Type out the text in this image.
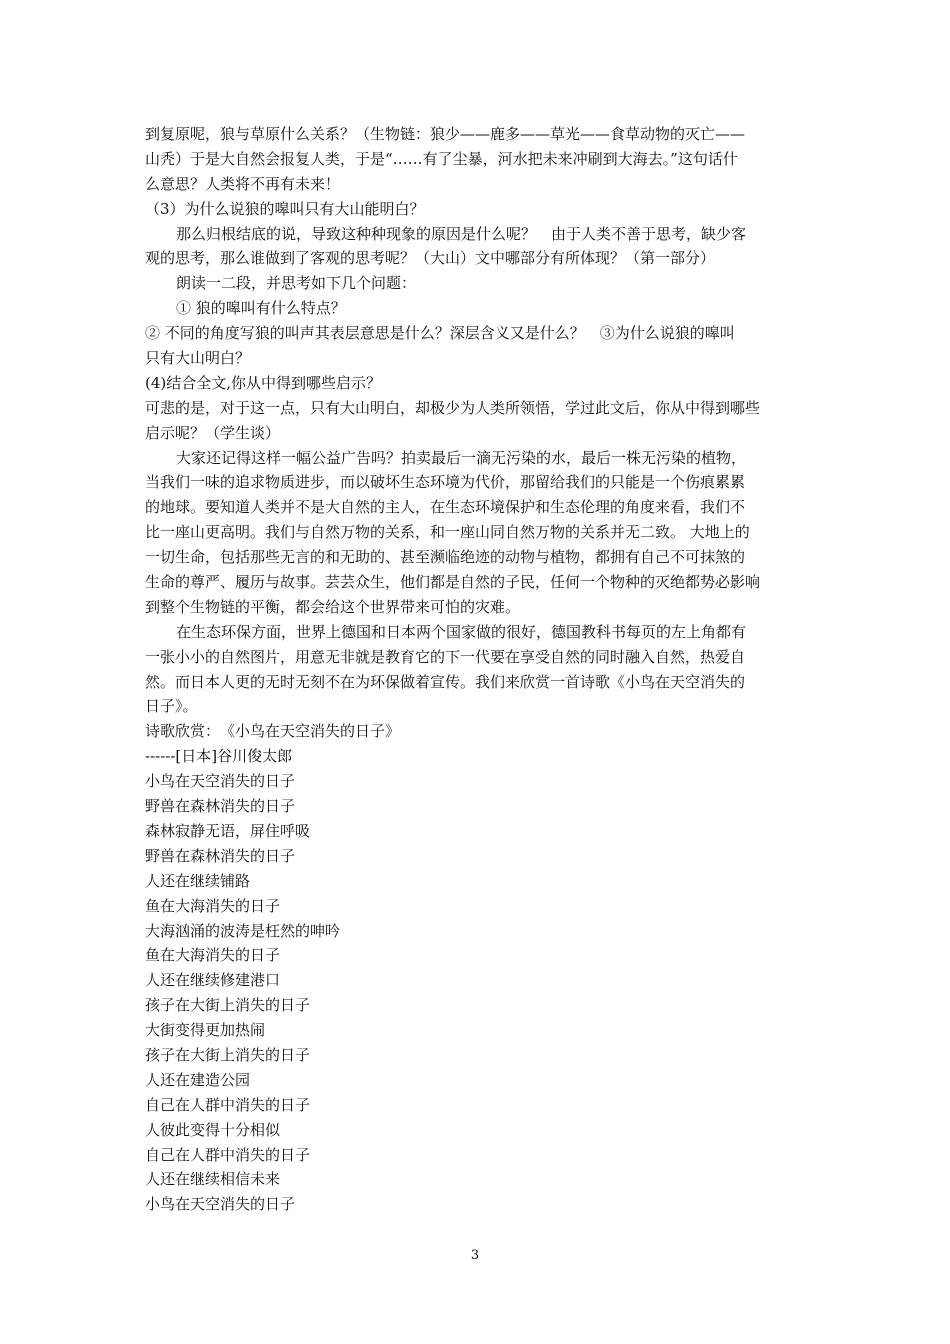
到复原呢，狼与草原什么关系？（生物链：狼少——鹿多——草光——食草动物的灭亡——
山秃）于是大自然会报复人类，于是“……有了尘暴，河水把未来冲刷到大海去。”这句话什
么意思？人类将不再有未来！
（3）为什么说狼的嗥叫只有大山能明白？
那么归根结底的说，导致这种种现象的原因是什么呢？　由于人类不善于思考，缺少客
观的思考，那么谁做到了客观的思考呢？（大山）文中哪部分有所体现？（第一部分）
朗读一二段，并思考如下几个问题：
① 狼的嗥叫有什么特点？
② 不同的角度写狼的叫声其表层意思是什么？深层含义又是什么？　③为什么说狼的嗥叫
只有大山明白？
(4)结合全文,你从中得到哪些启示？
可悲的是，对于这一点，只有大山明白，却极少为人类所领悟，学过此文后，你从中得到哪些
启示呢？（学生谈）
大家还记得这样一幅公益广告吗？拍卖最后一滴无污染的水，最后一株无污染的植物，
当我们一味的追求物质进步，而以破坏生态环境为代价，那留给我们的只能是一个伤痕累累
的地球。要知道人类并不是大自然的主人，在生态环境保护和生态伦理的角度来看，我们不
比一座山更高明。我们与自然万物的关系，和一座山同自然万物的关系并无二致。 大地上的
一切生命，包括那些无言的和无助的、甚至濒临绝迹的动物与植物，都拥有自己不可抹煞的
生命的尊严、履历与故事。芸芸众生，他们都是自然的子民，任何一个物种的灭绝都势必影响
到整个生物链的平衡，都会给这个世界带来可怕的灾难。
在生态环保方面，世界上德国和日本两个国家做的很好，德国教科书每页的左上角都有
一张小小的自然图片，用意无非就是教育它的下一代要在享受自然的同时融入自然，热爱自
然。而日本人更的无时无刻不在为环保做着宣传。我们来欣赏一首诗歌《小鸟在天空消失的
日子》。
诗歌欣赏：　《小鸟在天空消失的日子》
------[日本]谷川俊太郎
小鸟在天空消失的日子
野兽在森林消失的日子
森林寂静无语，屏住呼吸
野兽在森林消失的日子
人还在继续铺路
鱼在大海消失的日子
大海汹涌的波涛是枉然的呻吟
鱼在大海消失的日子
人还在继续修建港口
孩子在大街上消失的日子
大街变得更加热闹
孩子在大街上消失的日子
人还在建造公园
自己在人群中消失的日子
人彼此变得十分相似
自己在人群中消失的日子
人还在继续相信未来
小鸟在天空消失的日子
3
